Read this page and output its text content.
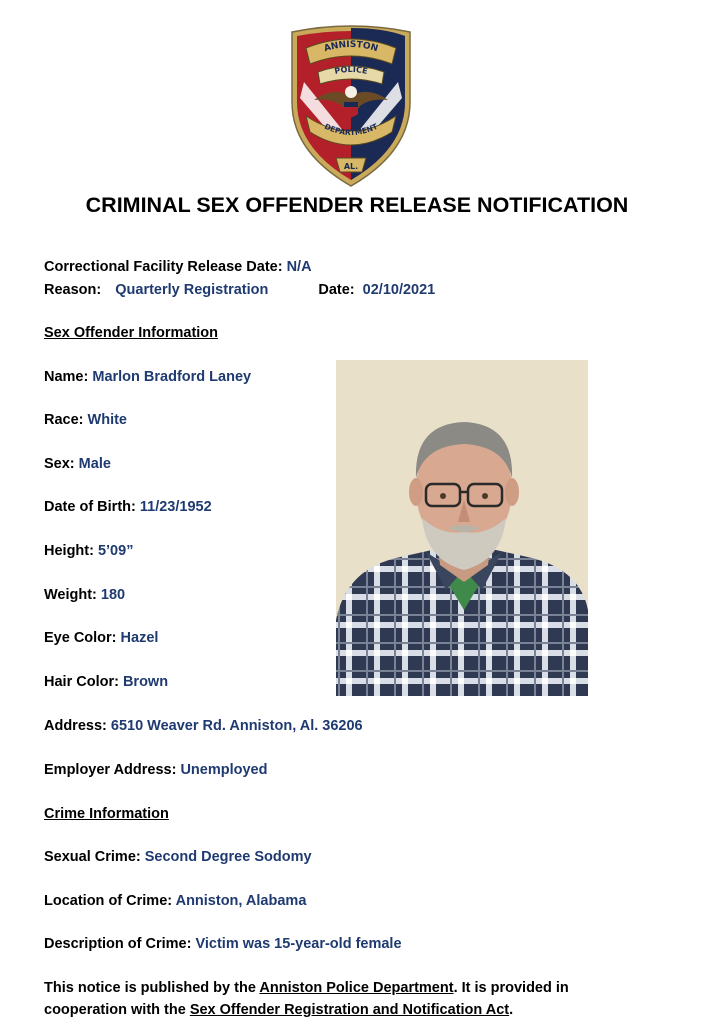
ANNISTON
POLICE
DEPARTMENT
AL.
CRIMINAL SEX OFFENDER RELEASE NOTIFICATION
Correctional Facility Release Date: N/A
Reason: Quarterly Registration	Date: 02/10/2021
Sex Offender Information
Name: Marlon Bradford Laney
Race: White
Sex: Male
Date of Birth: 11/23/1952
Height: 5’09”
Weight: 180
Eye Color: Hazel
Hair Color: Brown
Address: 6510 Weaver Rd. Anniston, Al. 36206
Employer Address: Unemployed
Crime Information
Sexual Crime: Second Degree Sodomy
Location of Crime: Anniston, Alabama
Description of Crime: Victim was 15-year-old female
This notice is published by the Anniston Police Department. It is provided in
cooperation with the Sex Offender Registration and Notification Act.
